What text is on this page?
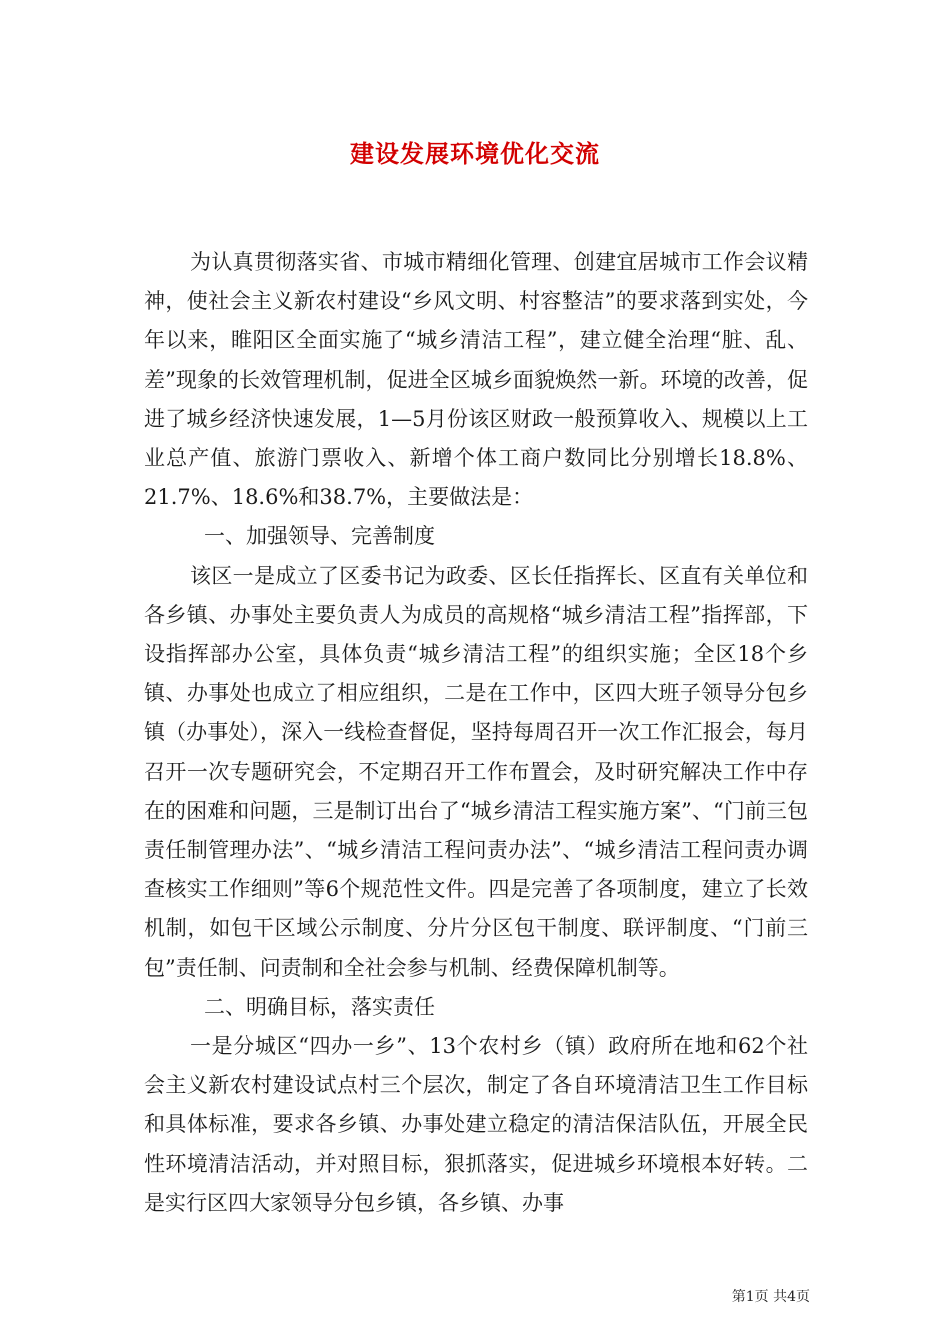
建设发展环境优化交流

为认真贯彻落实省、市城市精细化管理、创建宜居城市工作会议精神，使社会主义新农村建设“乡风文明、村容整洁”的要求落到实处，今年以来，睢阳区全面实施了“城乡清洁工程”，建立健全治理“脏、乱、差”现象的长效管理机制，促进全区城乡面貌焕然一新。环境的改善，促进了城乡经济快速发展，1—5月份该区财政一般预算收入、规模以上工业总产值、旅游门票收入、新增个体工商户数同比分别增长18.8%、21.7%、18.6%和38.7%，主要做法是：

一、加强领导、完善制度

该区一是成立了区委书记为政委、区长任指挥长、区直有关单位和各乡镇、办事处主要负责人为成员的高规格“城乡清洁工程”指挥部，下设指挥部办公室，具体负责“城乡清洁工程”的组织实施；全区18个乡镇、办事处也成立了相应组织，二是在工作中，区四大班子领导分包乡镇（办事处），深入一线检查督促，坚持每周召开一次工作汇报会，每月召开一次专题研究会，不定期召开工作布置会，及时研究解决工作中存在的困难和问题，三是制订出台了“城乡清洁工程实施方案”、“门前三包责任制管理办法”、“城乡清洁工程问责办法”、“城乡清洁工程问责办调查核实工作细则”等6个规范性文件。四是完善了各项制度，建立了长效机制，如包干区域公示制度、分片分区包干制度、联评制度、“门前三包”责任制、问责制和全社会参与机制、经费保障机制等。

二、明确目标，落实责任

一是分城区“四办一乡”、13个农村乡（镇）政府所在地和62个社会主义新农村建设试点村三个层次，制定了各自环境清洁卫生工作目标和具体标准，要求各乡镇、办事处建立稳定的清洁保洁队伍，开展全民性环境清洁活动，并对照目标，狠抓落实，促进城乡环境根本好转。二是实行区四大家领导分包乡镇，各乡镇、办事

第1页 共4页
